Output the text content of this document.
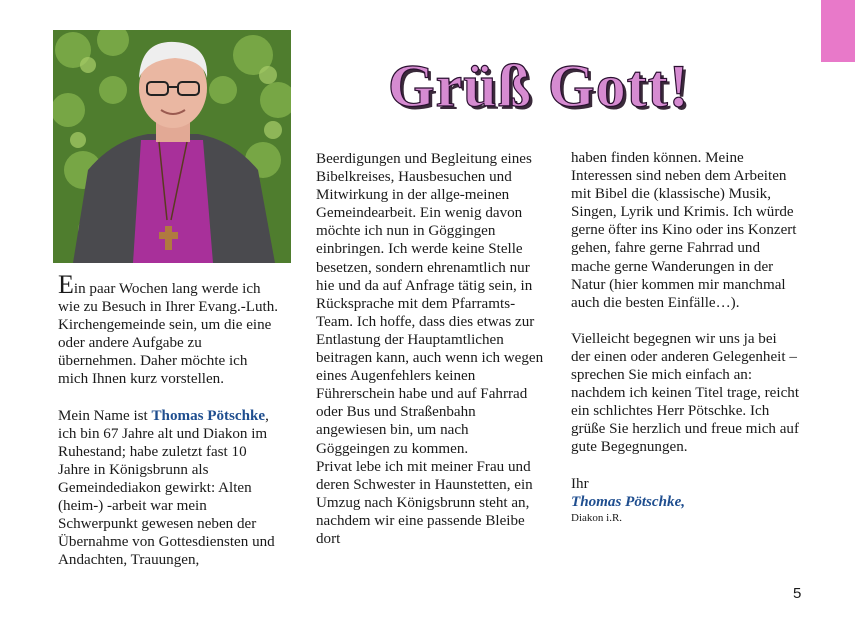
Grüß Gott!

Ein paar Wochen lang werde ich wie zu Besuch in Ihrer Evang.-Luth. Kirchengemeinde sein, um die eine oder andere Aufgabe zu übernehmen. Daher möchte ich mich Ihnen kurz vorstellen.

Mein Name ist Thomas Pötschke, ich bin 67 Jahre alt und Diakon im Ruhestand; habe zuletzt fast 10 Jahre in Königsbrunn als Gemeindediakon gewirkt: Alten (heim-) -arbeit war mein Schwerpunkt gewesen neben der Übernahme von Gottesdiensten und Andachten, Trauungen,

Beerdigungen und Begleitung eines Bibelkreises, Hausbesuchen und Mitwirkung in der allge-meinen Gemeindearbeit. Ein wenig davon möchte ich nun in Göggingen einbringen. Ich werde keine Stelle besetzen, sondern ehrenamtlich nur hie und da auf Anfrage tätig sein, in Rücksprache mit dem Pfarramts-Team. Ich hoffe, dass dies etwas zur Entlastung der Hauptamtlichen beitragen kann, auch wenn ich wegen eines Augenfehlers keinen Führerschein habe und auf Fahrrad oder Bus und Straßenbahn angewiesen bin, um nach Göggeingen zu kommen.

Privat lebe ich mit meiner Frau und deren Schwester in Haunstetten, ein Umzug nach Königsbrunn steht an, nachdem wir eine passende Bleibe dort

haben finden können. Meine Interessen sind neben dem Arbeiten mit Bibel die (klassische) Musik, Singen, Lyrik und Krimis. Ich würde gerne öfter ins Kino oder ins Konzert gehen, fahre gerne Fahrrad und mache gerne Wanderungen in der Natur (hier kommen mir manchmal auch die besten Einfälle…).

Vielleicht begegnen wir uns ja bei der einen oder anderen Gelegenheit – sprechen Sie mich einfach an: nachdem ich keinen Titel trage, reicht ein schlichtes Herr Pötschke. Ich grüße Sie herzlich und freue mich auf gute Begegnungen.

Ihr

Thomas Pötschke,

Diakon i.R.

5
